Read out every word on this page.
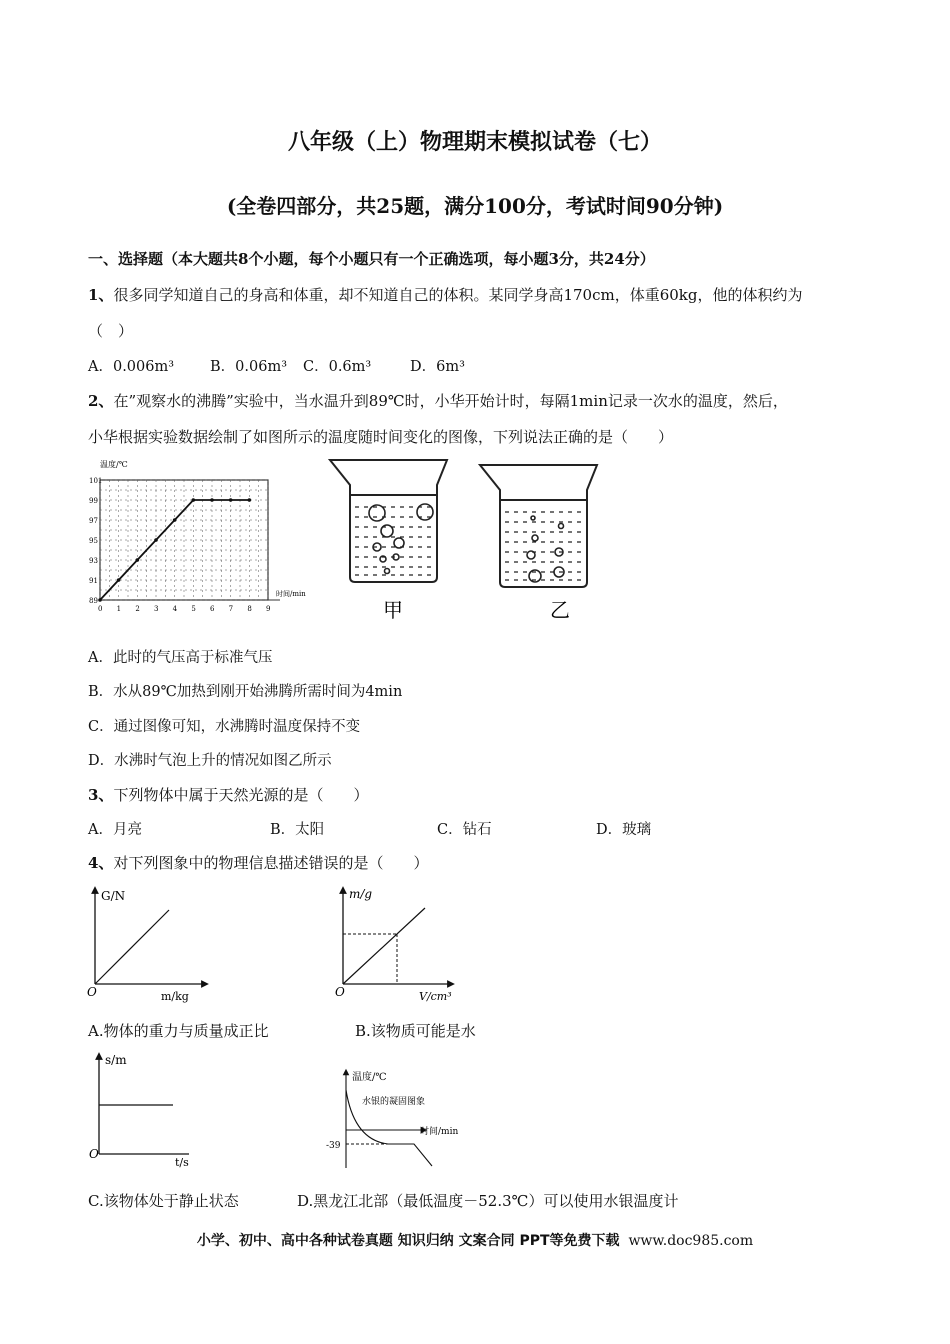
八年级（上）物理期末模拟试卷（七）
(全卷四部分，共25题，满分100分，考试时间90分钟)
一、选择题（本大题共8个小题，每个小题只有一个正确选项，每小题3分，共24分）
1、很多同学知道自己的身高和体重，却不知道自己的体积。某同学身高170cm，体重60kg，他的体积约为
（　）
A．0.006m³ B．0.06m³ C．0.6m³	D．6m³
2、在”观察水的沸腾”实验中，当水温升到89℃时，小华开始计时，每隔1min记录一次水的温度，然后，
小华根据实验数据绘制了如图所示的温度随时间变化的图像，下列说法正确的是（　　）
0 1 2 3 4 5 6 7 8 9
89
91
93
95
97
99
101
温度/℃
时间/min
甲	乙
A．此时的气压高于标准气压
B．水从89℃加热到刚开始沸腾所需时间为4min
C．通过图像可知，水沸腾时温度保持不变
D．水沸时气泡上升的情况如图乙所示
3、下列物体中属于天然光源的是（　　）
A．月亮	B．太阳	C．钻石	D．玻璃
4、对下列图象中的物理信息描述错误的是（　　）
G/N
m/kg
O
A.物体的重力与质量成正比
m/g
V/cm³
O
B.该物质可能是水
s/m
t/s
O
C.该物体处于静止状态
温度/℃
水银的凝固图象
时间/min
-39
D.黑龙江北部（最低温度－52.3℃）可以使用水银温度计
小学、初中、高中各种试卷真题 知识归纳 文案合同 PPT等免费下载 www.doc985.com
